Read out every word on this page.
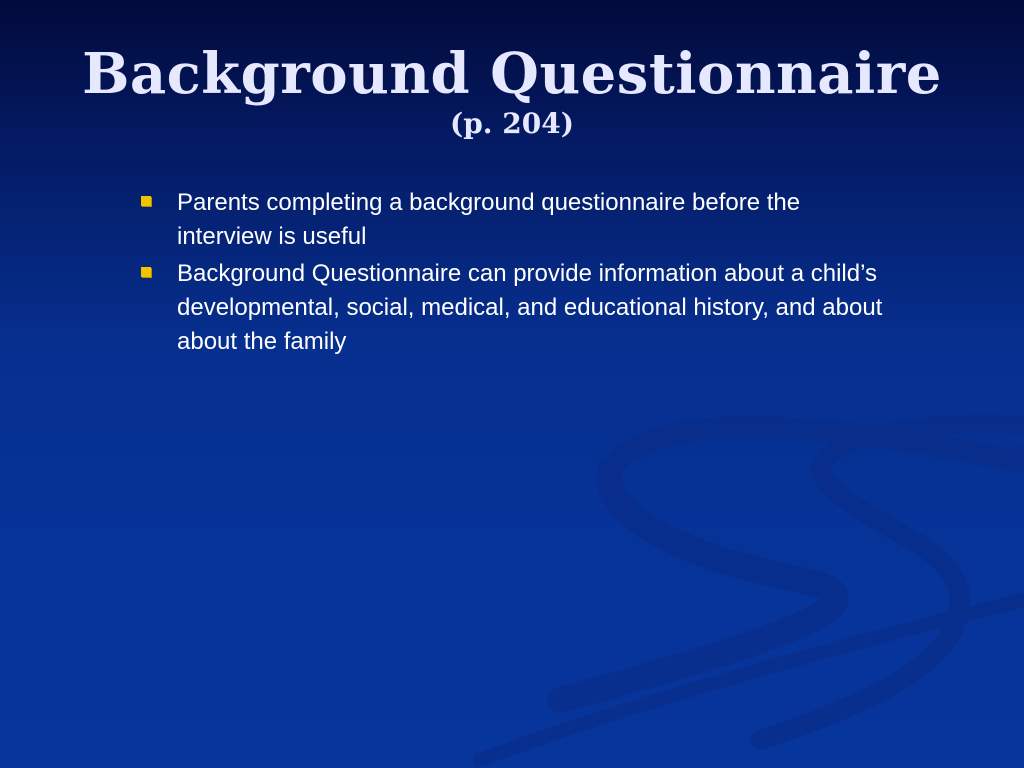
Background Questionnaire
(p. 204)
Parents completing a background questionnaire before the interview is useful
Background Questionnaire can provide information about a child’s developmental, social, medical, and educational history, and about about the family
